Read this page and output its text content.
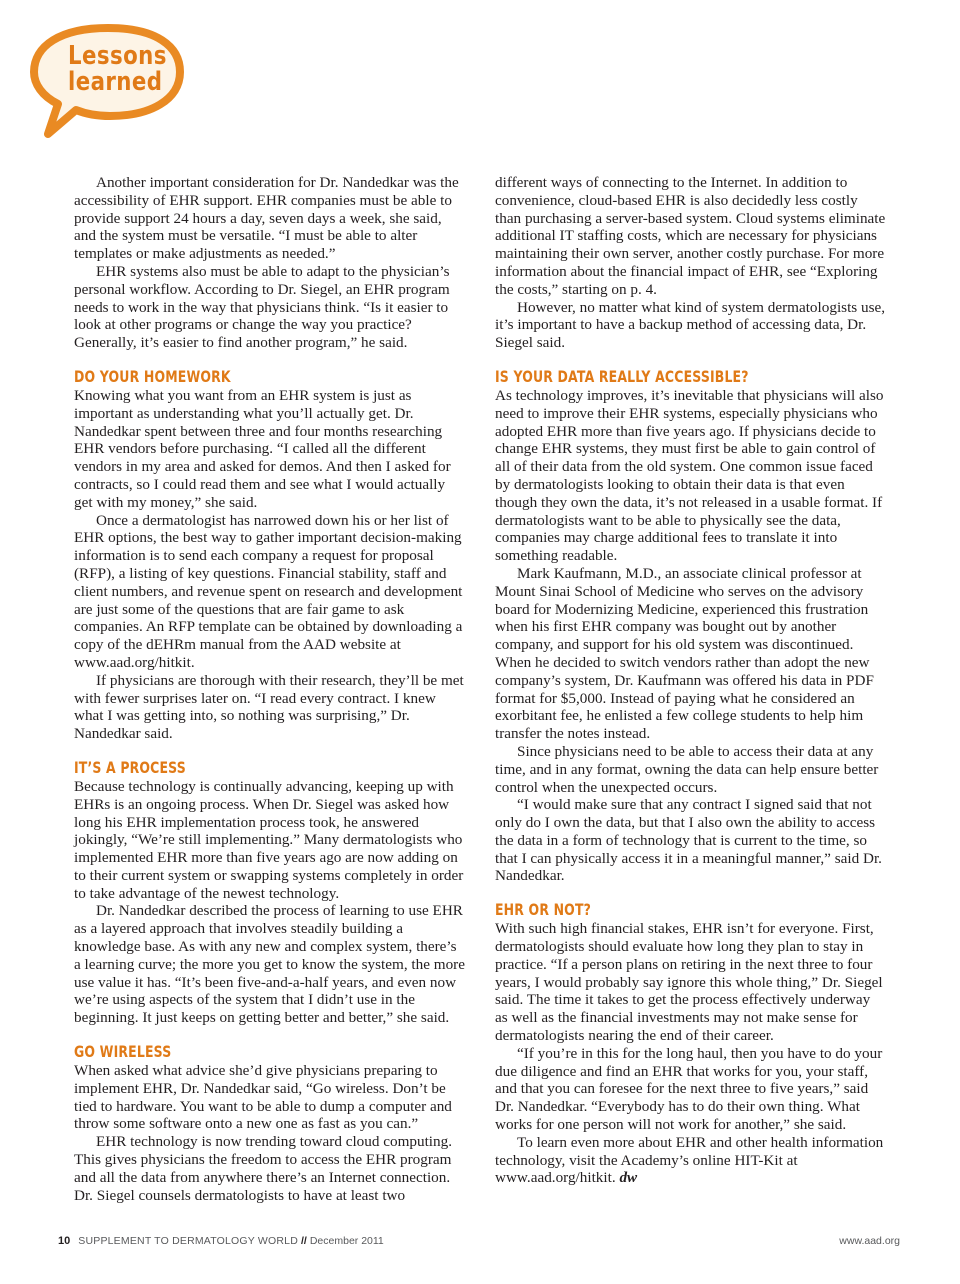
Lessons
learned

Another important consideration for Dr. Nandedkar was the accessibility of EHR support. EHR companies must be able to provide support 24 hours a day, seven days a week, she said, and the system must be versatile. “I must be able to alter templates or make adjustments as needed.”

EHR systems also must be able to adapt to the physician’s personal workflow. According to Dr. Siegel, an EHR program needs to work in the way that physicians think. “Is it easier to look at other programs or change the way you practice? Generally, it’s easier to find another program,” he said.

DO YOUR HOMEWORK

Knowing what you want from an EHR system is just as important as understanding what you’ll actually get. Dr. Nandedkar spent between three and four months researching EHR vendors before purchasing. “I called all the different vendors in my area and asked for demos. And then I asked for contracts, so I could read them and see what I would actually get with my money,” she said.

Once a dermatologist has narrowed down his or her list of EHR options, the best way to gather important decision-making information is to send each company a request for proposal (RFP), a listing of key questions. Financial stability, staff and client numbers, and revenue spent on research and development are just some of the questions that are fair game to ask companies. An RFP template can be obtained by downloading a copy of the dEHRm manual from the AAD website at www.aad.org/hitkit.

If physicians are thorough with their research, they’ll be met with fewer surprises later on. “I read every contract. I knew what I was getting into, so nothing was surprising,” Dr. Nandedkar said.

IT’S A PROCESS

Because technology is continually advancing, keeping up with EHRs is an ongoing process. When Dr. Siegel was asked how long his EHR implementation process took, he answered jokingly, “We’re still implementing.” Many dermatologists who implemented EHR more than five years ago are now adding on to their current system or swapping systems completely in order to take advantage of the newest technology.

Dr. Nandedkar described the process of learning to use EHR as a layered approach that involves steadily building a knowledge base. As with any new and complex system, there’s a learning curve; the more you get to know the system, the more use value it has. “It’s been five-and-a-half years, and even now we’re using aspects of the system that I didn’t use in the beginning. It just keeps on getting better and better,” she said.

GO WIRELESS

When asked what advice she’d give physicians preparing to implement EHR, Dr. Nandedkar said, “Go wireless. Don’t be tied to hardware. You want to be able to dump a computer and throw some software onto a new one as fast as you can.”

EHR technology is now trending toward cloud computing. This gives physicians the freedom to access the EHR program and all the data from anywhere there’s an Internet connection. Dr. Siegel counsels dermatologists to have at least two

different ways of connecting to the Internet. In addition to convenience, cloud-based EHR is also decidedly less costly than purchasing a server-based system. Cloud systems eliminate additional IT staffing costs, which are necessary for physicians maintaining their own server, another costly purchase. For more information about the financial impact of EHR, see “Exploring the costs,” starting on p. 4.

However, no matter what kind of system dermatologists use, it’s important to have a backup method of accessing data, Dr. Siegel said.

IS YOUR DATA REALLY ACCESSIBLE?

As technology improves, it’s inevitable that physicians will also need to improve their EHR systems, especially physicians who adopted EHR more than five years ago. If physicians decide to change EHR systems, they must first be able to gain control of all of their data from the old system. One common issue faced by dermatologists looking to obtain their data is that even though they own the data, it’s not released in a usable format. If dermatologists want to be able to physically see the data, companies may charge additional fees to translate it into something readable.

Mark Kaufmann, M.D., an associate clinical professor at Mount Sinai School of Medicine who serves on the advisory board for Modernizing Medicine, experienced this frustration when his first EHR company was bought out by another company, and support for his old system was discontinued. When he decided to switch vendors rather than adopt the new company’s system, Dr. Kaufmann was offered his data in PDF format for $5,000. Instead of paying what he considered an exorbitant fee, he enlisted a few college students to help him transfer the notes instead.

Since physicians need to be able to access their data at any time, and in any format, owning the data can help ensure better control when the unexpected occurs.

“I would make sure that any contract I signed said that not only do I own the data, but that I also own the ability to access the data in a form of technology that is current to the time, so that I can physically access it in a meaningful manner,” said Dr. Nandedkar.

EHR OR NOT?

With such high financial stakes, EHR isn’t for everyone. First, dermatologists should evaluate how long they plan to stay in practice. “If a person plans on retiring in the next three to four years, I would probably say ignore this whole thing,” Dr. Siegel said. The time it takes to get the process effectively underway as well as the financial investments may not make sense for dermatologists nearing the end of their career.

“If you’re in this for the long haul, then you have to do your due diligence and find an EHR that works for you, your staff, and that you can foresee for the next three to five years,” said Dr. Nandedkar. “Everybody has to do their own thing. What works for one person will not work for another,” she said.

To learn even more about EHR and other health information technology, visit the Academy’s online HIT-Kit at www.aad.org/hitkit. dw

10 SUPPLEMENT TO DERMATOLOGY WORLD // December 2011	www.aad.org
